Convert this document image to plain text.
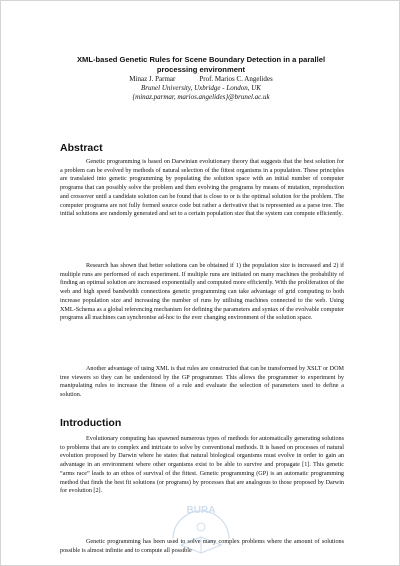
XML-based Genetic Rules for Scene Boundary Detection in a parallel processing environment

Minaz J. Parmar	Prof. Marios C. Angelides

Brunel University, Uxbridge - London, UK

{minaz.parmar, marios.angelides}@brunel.ac.uk

Abstract

Genetic programming is based on Darwinian evolutionary theory that suggests that the best solution for a problem can be evolved by methods of natural selection of the fittest organisms in a population. These principles are translated into genetic programming by populating the solution space with an initial number of computer programs that can possibly solve the problem and then evolving the programs by means of mutation, reproduction and crossover until a candidate solution can be found that is close to or is the optimal solution for the problem. The computer programs are not fully formed source code but rather a derivative that is represented as a parse tree. The initial solutions are randomly generated and set to a certain population size that the system can compute efficiently.

Research has shown that better solutions can be obtained if 1) the population size is increased and 2) if multiple runs are performed of each experiment. If multiple runs are initiated on many machines the probability of finding an optimal solution are increased exponentially and computed more efficiently. With the proliferation of the web and high speed bandwidth connections genetic programming can take advantage of grid computing to both increase population size and increasing the number of runs by utilising machines connected to the web. Using XML-Schema as a global referencing mechanism for defining the parameters and syntax of the evolvable computer programs all machines can synchronise ad-hoc to the ever changing environment of the solution space.

Another advantage of using XML is that rules are constructed that can be transformed by XSLT or DOM tree viewers so they can be understood by the GP programmer. This allows the programmer to experiment by manipulating rules to increase the fitness of a rule and evaluate the selection of parameters used to define a solution.

Introduction

Evolutionary computing has spawned numerous types of methods for automatically generating solutions to problems that are to complex and intricate to solve by conventional methods. It is based on processes of natural evolution proposed by Darwin where he states that natural biological organisms must evolve in order to gain an advantage in an environment where other organisms exist to be able to survive and propagate [1]. This genetic “arms race” leads to an ethos of survival of the fittest. Genetic programming (GP) is an automatic programming method that finds the best fit solutions (or programs) by processes that are analogous to those proposed by Darwin for evolution [2].

Genetic programming has been used to solve many complex problems where the amount of solutions possible is almost infinite and to compute all possible

BURA
